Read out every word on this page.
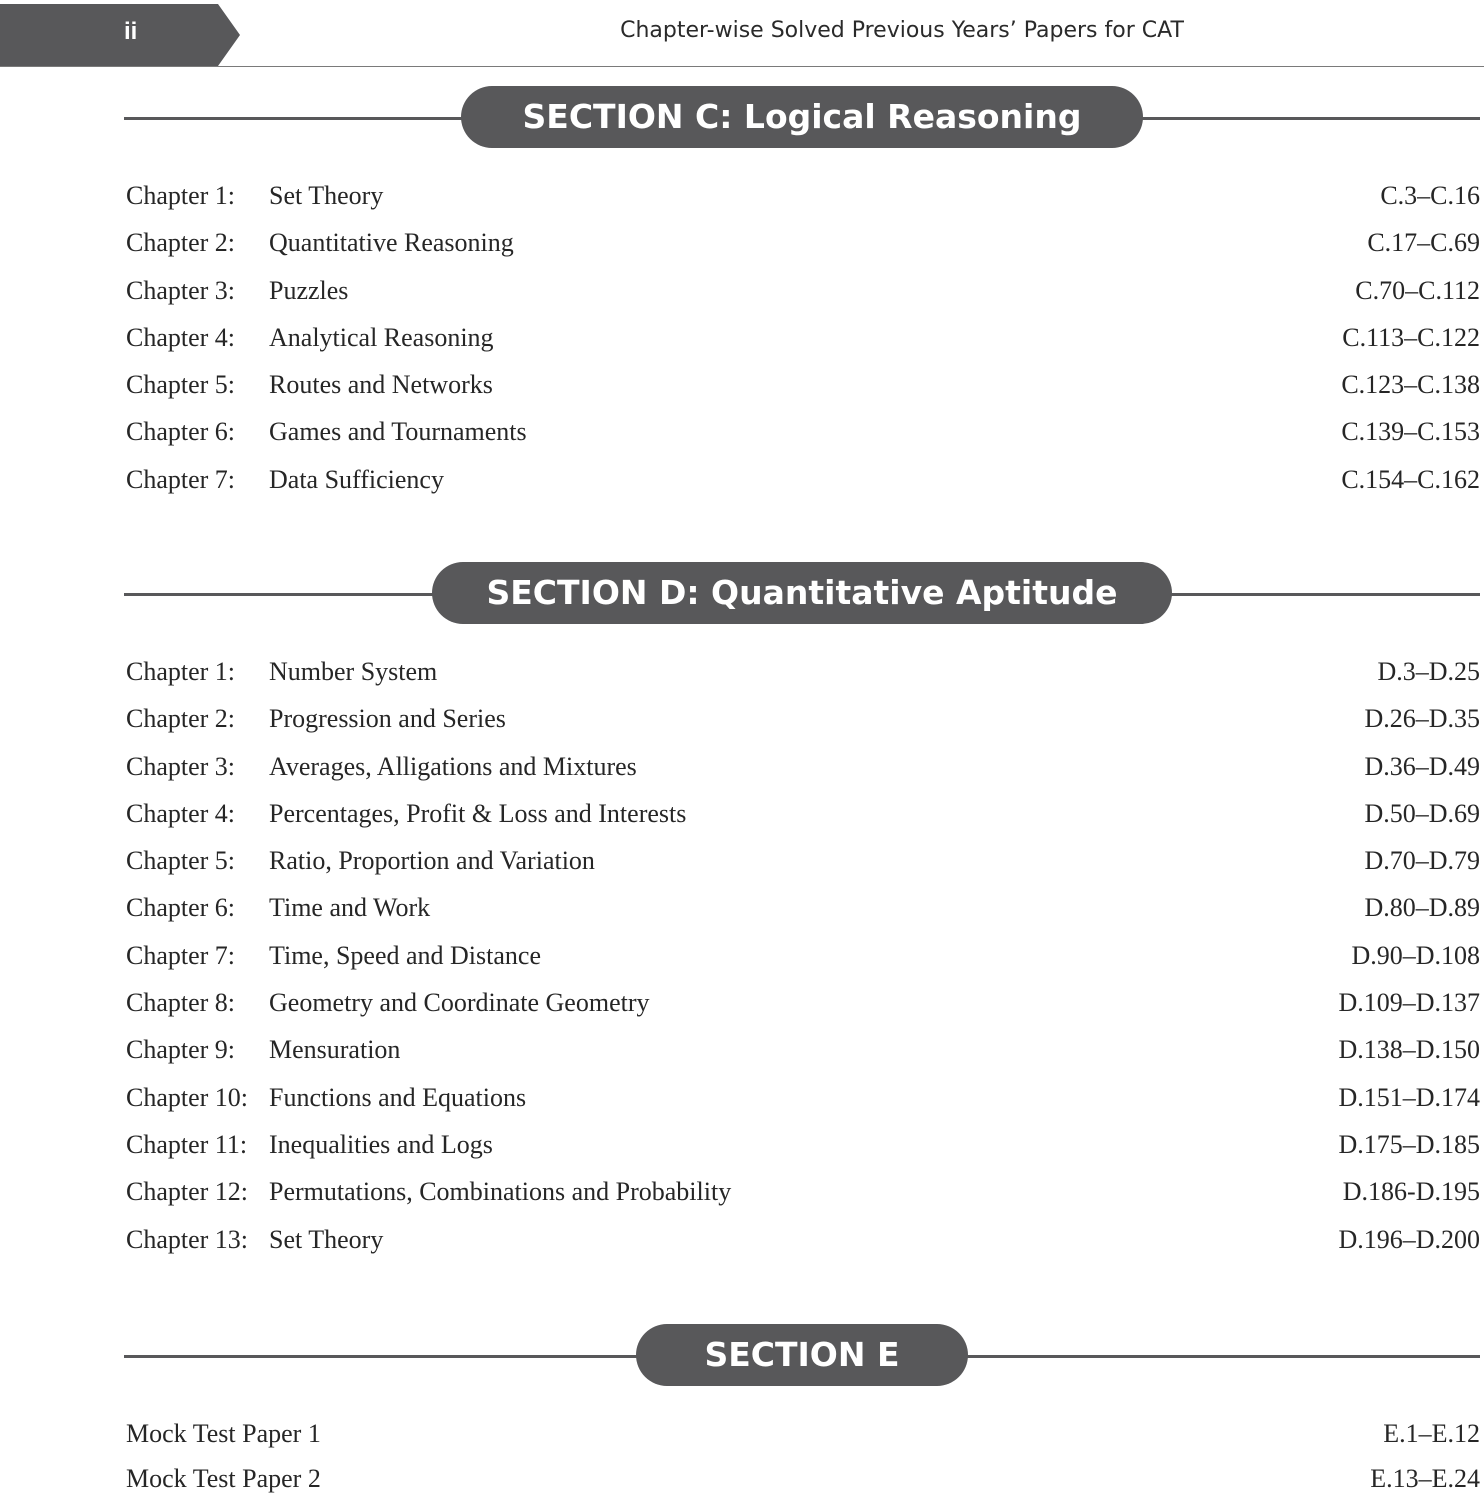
ii	Chapter-wise Solved Previous Years’ Papers for CAT
SECTION C: Logical Reasoning
Chapter 1: Set Theory	C.3–C.16
Chapter 2: Quantitative Reasoning	C.17–C.69
Chapter 3: Puzzles	C.70–C.112
Chapter 4: Analytical Reasoning	C.113–C.122
Chapter 5: Routes and Networks	C.123–C.138
Chapter 6: Games and Tournaments	C.139–C.153
Chapter 7: Data Sufficiency	C.154–C.162
SECTION D: Quantitative Aptitude
Chapter 1: Number System	D.3–D.25
Chapter 2: Progression and Series	D.26–D.35
Chapter 3: Averages, Alligations and Mixtures	D.36–D.49
Chapter 4: Percentages, Profit & Loss and Interests	D.50–D.69
Chapter 5: Ratio, Proportion and Variation	D.70–D.79
Chapter 6: Time and Work	D.80–D.89
Chapter 7: Time, Speed and Distance	D.90–D.108
Chapter 8: Geometry and Coordinate Geometry	D.109–D.137
Chapter 9: Mensuration	D.138–D.150
Chapter 10: Functions and Equations	D.151–D.174
Chapter 11: Inequalities and Logs	D.175–D.185
Chapter 12: Permutations, Combinations and Probability	D.186-D.195
Chapter 13: Set Theory	D.196–D.200
SECTION E
Mock Test Paper 1	E.1–E.12
Mock Test Paper 2	E.13–E.24
